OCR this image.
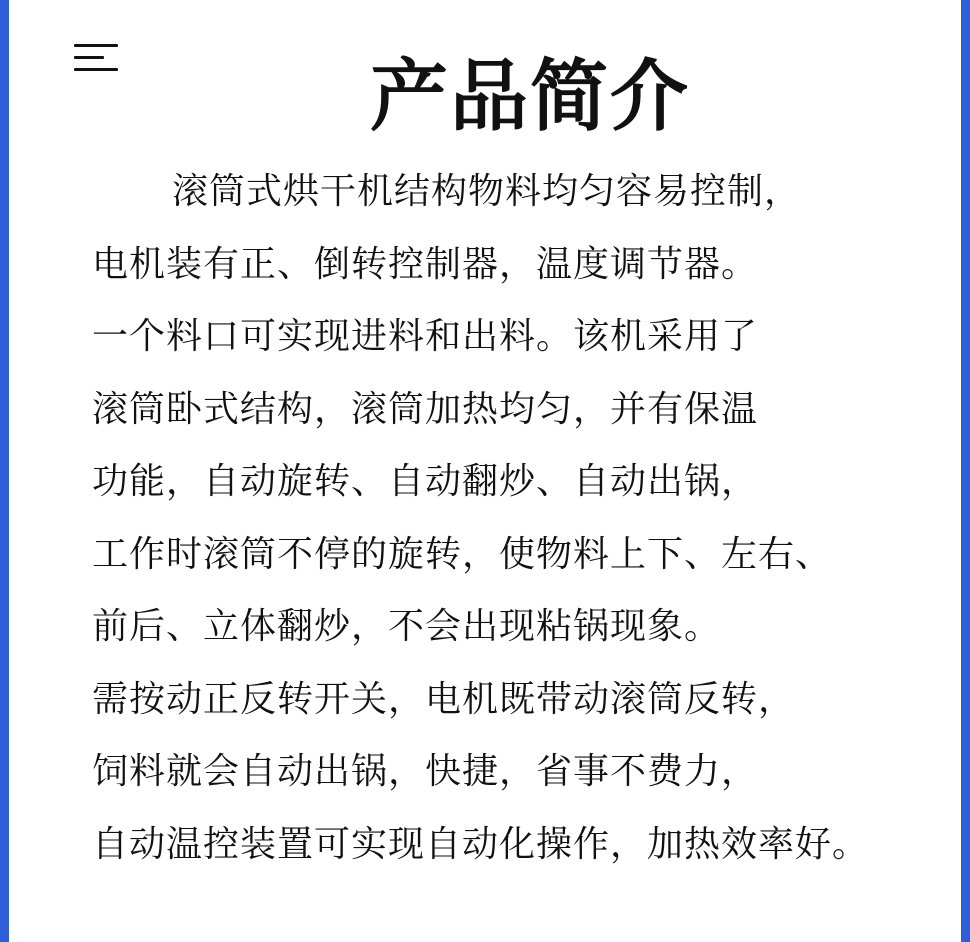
产品简介
滚筒式烘干机结构物料均匀容易控制，
电机装有正、倒转控制器，温度调节器。
一个料口可实现进料和出料。该机采用了
滚筒卧式结构，滚筒加热均匀，并有保温
功能，自动旋转、自动翻炒、自动出锅，
工作时滚筒不停的旋转，使物料上下、左右、
前后、立体翻炒，不会出现粘锅现象。
需按动正反转开关，电机既带动滚筒反转，
饲料就会自动出锅，快捷，省事不费力，
自动温控装置可实现自动化操作，加热效率好。
